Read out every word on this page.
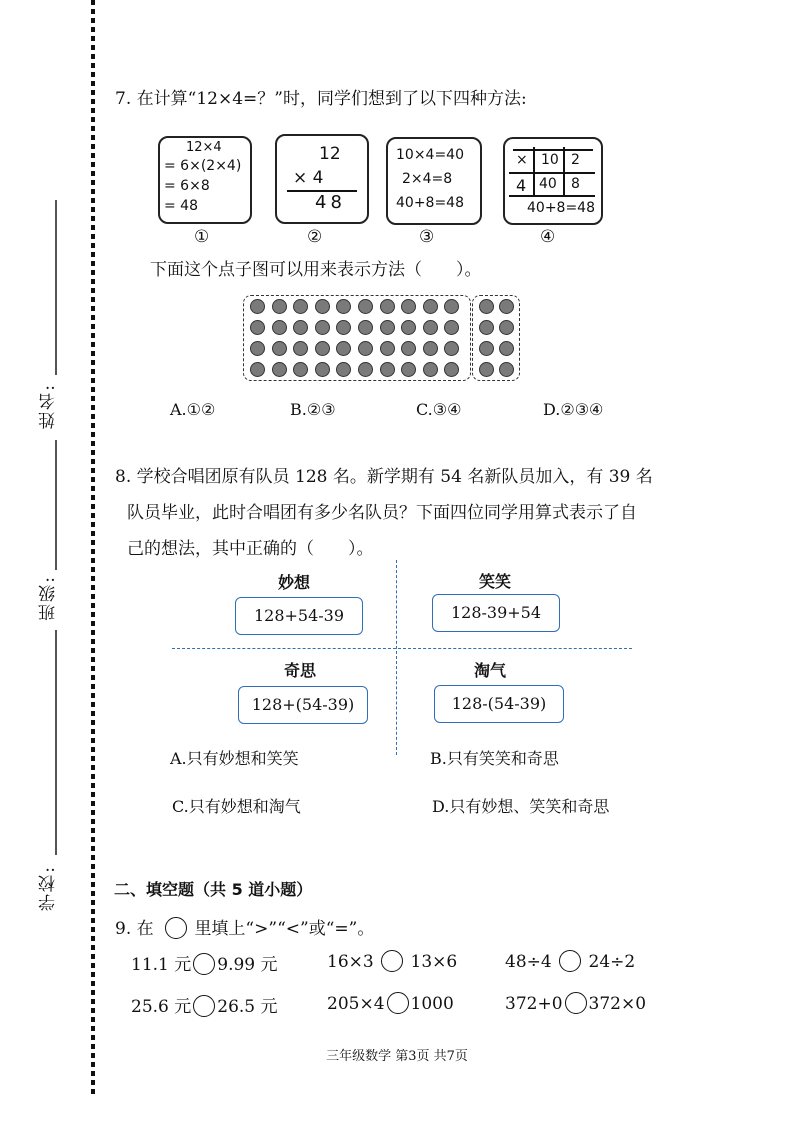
姓名:
班级:
学校:
7. 在计算“12×4=？”时，同学们想到了以下四种方法:
12×4
= 6×(2×4)
= 6×8
= 48
12
× 4
48
10×4=40
2×4=8
40+8=48
× 10 2
4 40 8
40+8=48
①	②	③	④
下面这个点子图可以用来表示方法（　　）。
A.①②	B.②③	C.③④	D.②③④
8. 学校合唱团原有队员 128 名。新学期有 54 名新队员加入，有 39 名
队员毕业，此时合唱团有多少名队员？下面四位同学用算式表示了自
己的想法，其中正确的（　　）。
妙想
128+54-39
笑笑
128-39+54
奇思
128+(54-39)
淘气
128-(54-39)
A.只有妙想和笑笑	B.只有笑笑和奇思
C.只有妙想和淘气	D.只有妙想、笑笑和奇思
二、填空题（共 5 道小题）
9. 在 里填上“>”“<”或“=”。
11.1 元 9.99 元	16×3 13×6	48÷4 24÷2
25.6 元 26.5 元	205×4 1000	372+0 372×0
三年级数学 第3页 共7页
